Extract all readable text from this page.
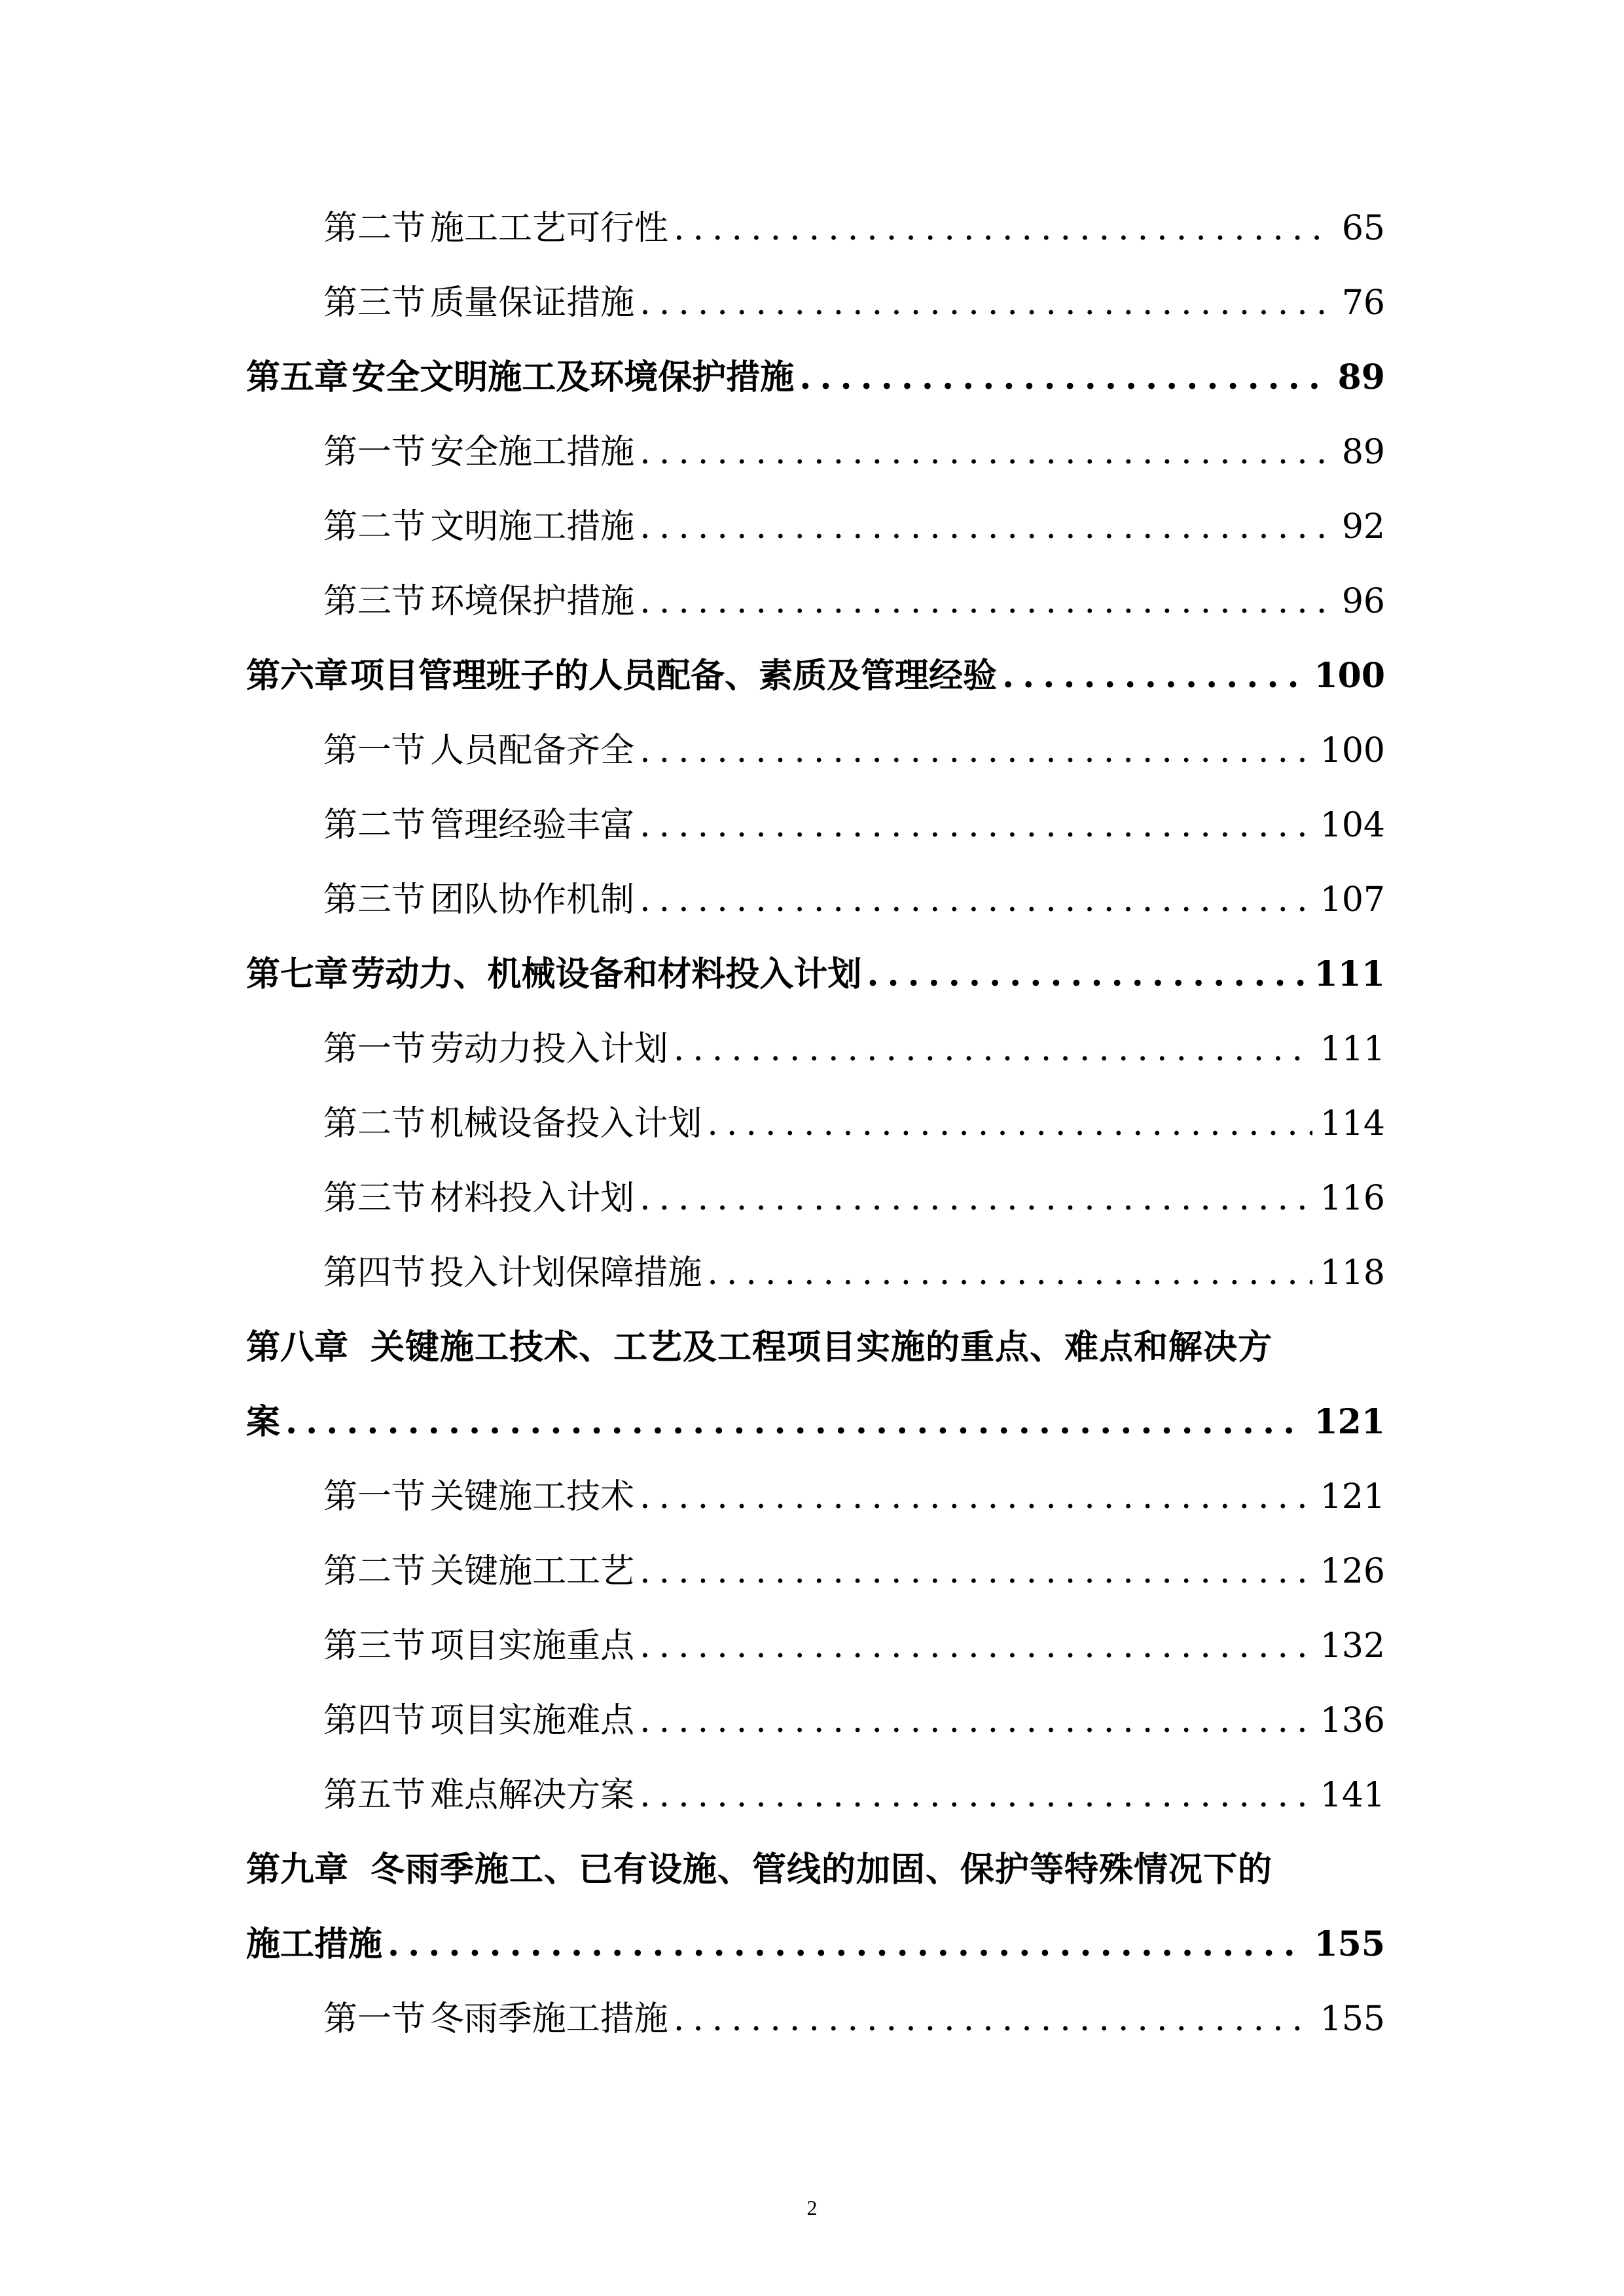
第二节 施工工艺可行性 .....	65
第三节 质量保证措施 .....	76
第五章 安全文明施工及环境保护措施 .....	89
第一节 安全施工措施 .....	89
第二节 文明施工措施 .....	92
第三节 环境保护措施 .....	96
第六章 项目管理班子的人员配备、素质及管理经验 .....	100
第一节 人员配备齐全 .....	100
第二节 管理经验丰富 .....	104
第三节 团队协作机制 .....	107
第七章 劳动力、机械设备和材料投入计划 .....	111
第一节 劳动力投入计划 .....	111
第二节 机械设备投入计划 .....	114
第三节 材料投入计划 .....	116
第四节 投入计划保障措施 .....	118
第八章 关键施工技术、工艺及工程项目实施的重点、难点和解决方
案 .....	121
第一节 关键施工技术 .....	121
第二节 关键施工工艺 .....	126
第三节 项目实施重点 .....	132
第四节 项目实施难点 .....	136
第五节 难点解决方案 .....	141
第九章 冬雨季施工、已有设施、管线的加固、保护等特殊情况下的
施工措施 .....	155
第一节 冬雨季施工措施 .....	155
2
